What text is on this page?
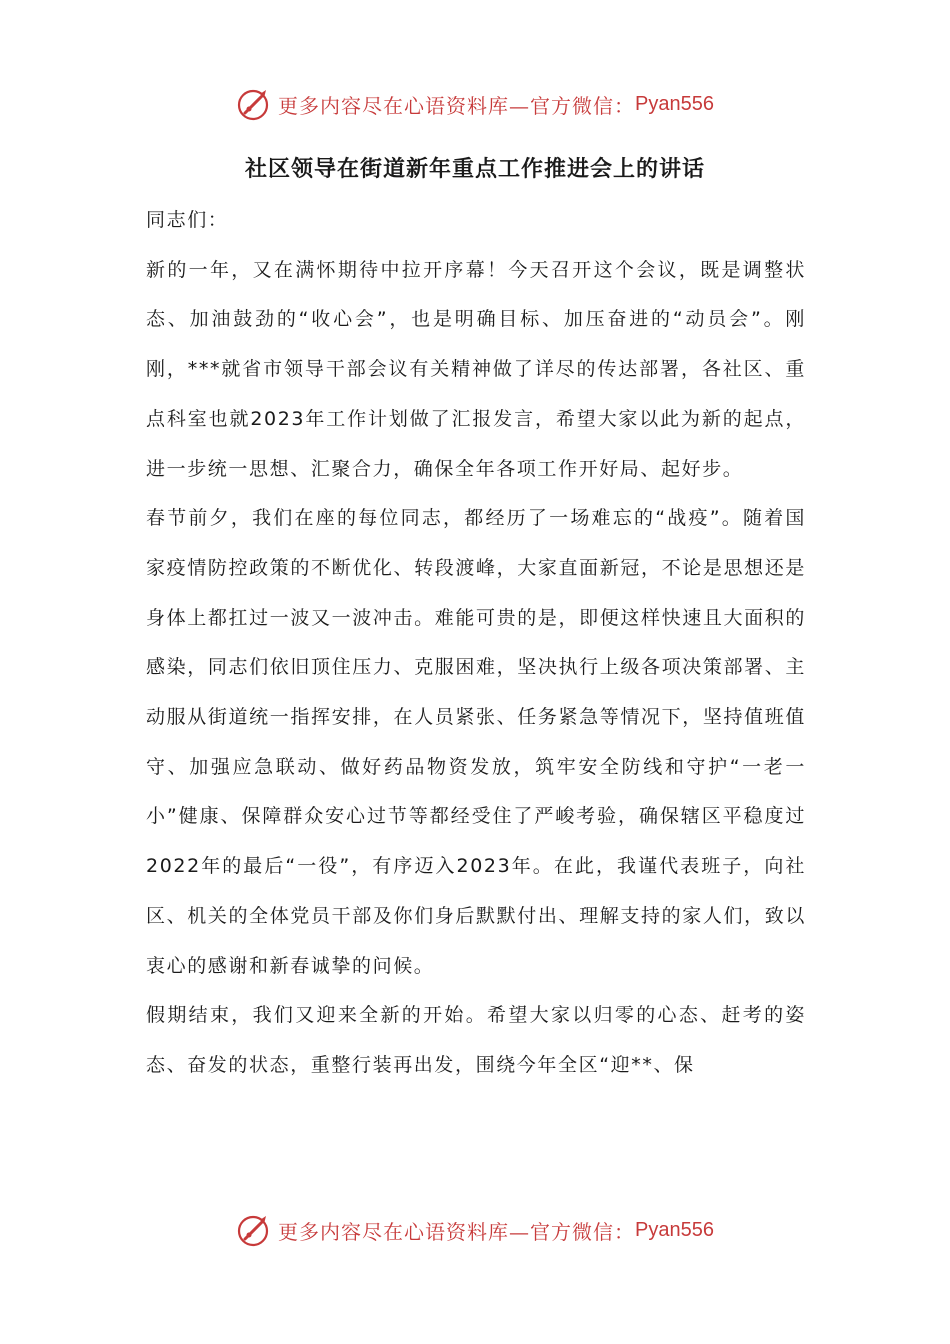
更多内容尽在心语资料库—官方微信： Pyan556
社区领导在街道新年重点工作推进会上的讲话

同志们：

新的一年，又在满怀期待中拉开序幕！今天召开这个会议，既是调整状态、加油鼓劲的“收心会”，也是明确目标、加压奋进的“动员会”。刚刚，***就省市领导干部会议有关精神做了详尽的传达部署，各社区、重点科室也就2023年工作计划做了汇报发言，希望大家以此为新的起点，进一步统一思想、汇聚合力，确保全年各项工作开好局、起好步。

春节前夕，我们在座的每位同志，都经历了一场难忘的“战疫”。随着国家疫情防控政策的不断优化、转段渡峰，大家直面新冠，不论是思想还是身体上都扛过一波又一波冲击。难能可贵的是，即便这样快速且大面积的感染，同志们依旧顶住压力、克服困难，坚决执行上级各项决策部署、主动服从街道统一指挥安排，在人员紧张、任务紧急等情况下，坚持值班值守、加强应急联动、做好药品物资发放，筑牢安全防线和守护“一老一小”健康、保障群众安心过节等都经受住了严峻考验，确保辖区平稳度过2022年的最后“一役”，有序迈入2023年。在此，我谨代表班子，向社区、机关的全体党员干部及你们身后默默付出、理解支持的家人们，致以衷心的感谢和新春诚挚的问候。

假期结束，我们又迎来全新的开始。希望大家以归零的心态、赶考的姿态、奋发的状态，重整行装再出发，围绕今年全区“迎**、保

更多内容尽在心语资料库—官方微信： Pyan556
